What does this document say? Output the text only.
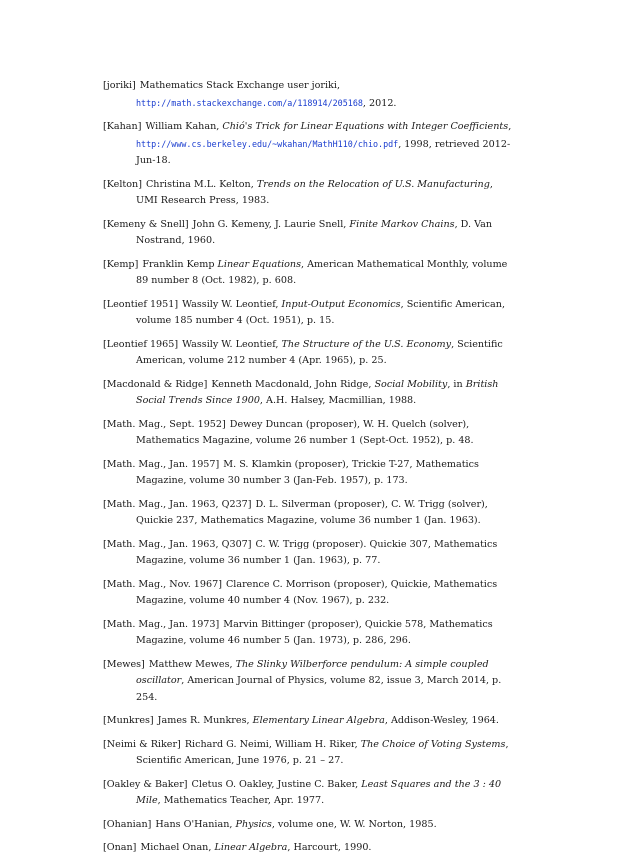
[joriki] Mathematics Stack Exchange user joriki, http://math.stackexchange.com/a/118914/205168, 2012.
[Kahan] William Kahan, Chió's Trick for Linear Equations with Integer Coefficients, http://www.cs.berkeley.edu/~wkahan/MathH110/chio.pdf, 1998, retrieved 2012-Jun-18.
[Kelton] Christina M.L. Kelton, Trends on the Relocation of U.S. Manufacturing, UMI Research Press, 1983.
[Kemeny & Snell] John G. Kemeny, J. Laurie Snell, Finite Markov Chains, D. Van Nostrand, 1960.
[Kemp] Franklin Kemp Linear Equations, American Mathematical Monthly, volume 89 number 8 (Oct. 1982), p. 608.
[Leontief 1951] Wassily W. Leontief, Input-Output Economics, Scientific American, volume 185 number 4 (Oct. 1951), p. 15.
[Leontief 1965] Wassily W. Leontief, The Structure of the U.S. Economy, Scientific American, volume 212 number 4 (Apr. 1965), p. 25.
[Macdonald & Ridge] Kenneth Macdonald, John Ridge, Social Mobility, in British Social Trends Since 1900, A.H. Halsey, Macmillian, 1988.
[Math. Mag., Sept. 1952] Dewey Duncan (proposer), W. H. Quelch (solver), Mathematics Magazine, volume 26 number 1 (Sept-Oct. 1952), p. 48.
[Math. Mag., Jan. 1957] M. S. Klamkin (proposer), Trickie T-27, Mathematics Magazine, volume 30 number 3 (Jan-Feb. 1957), p. 173.
[Math. Mag., Jan. 1963, Q237] D. L. Silverman (proposer), C. W. Trigg (solver), Quickie 237, Mathematics Magazine, volume 36 number 1 (Jan. 1963).
[Math. Mag., Jan. 1963, Q307] C. W. Trigg (proposer). Quickie 307, Mathematics Magazine, volume 36 number 1 (Jan. 1963), p. 77.
[Math. Mag., Nov. 1967] Clarence C. Morrison (proposer), Quickie, Mathematics Magazine, volume 40 number 4 (Nov. 1967), p. 232.
[Math. Mag., Jan. 1973] Marvin Bittinger (proposer), Quickie 578, Mathematics Magazine, volume 46 number 5 (Jan. 1973), p. 286, 296.
[Mewes] Matthew Mewes, The Slinky Wilberforce pendulum: A simple coupled oscillator, American Journal of Physics, volume 82, issue 3, March 2014, p. 254.
[Munkres] James R. Munkres, Elementary Linear Algebra, Addison-Wesley, 1964.
[Neimi & Riker] Richard G. Neimi, William H. Riker, The Choice of Voting Systems, Scientific American, June 1976, p. 21 – 27.
[Oakley & Baker] Cletus O. Oakley, Justine C. Baker, Least Squares and the 3 : 40 Mile, Mathematics Teacher, Apr. 1977.
[Ohanian] Hans O'Hanian, Physics, volume one, W. W. Norton, 1985.
[Onan] Michael Onan, Linear Algebra, Harcourt, 1990.
